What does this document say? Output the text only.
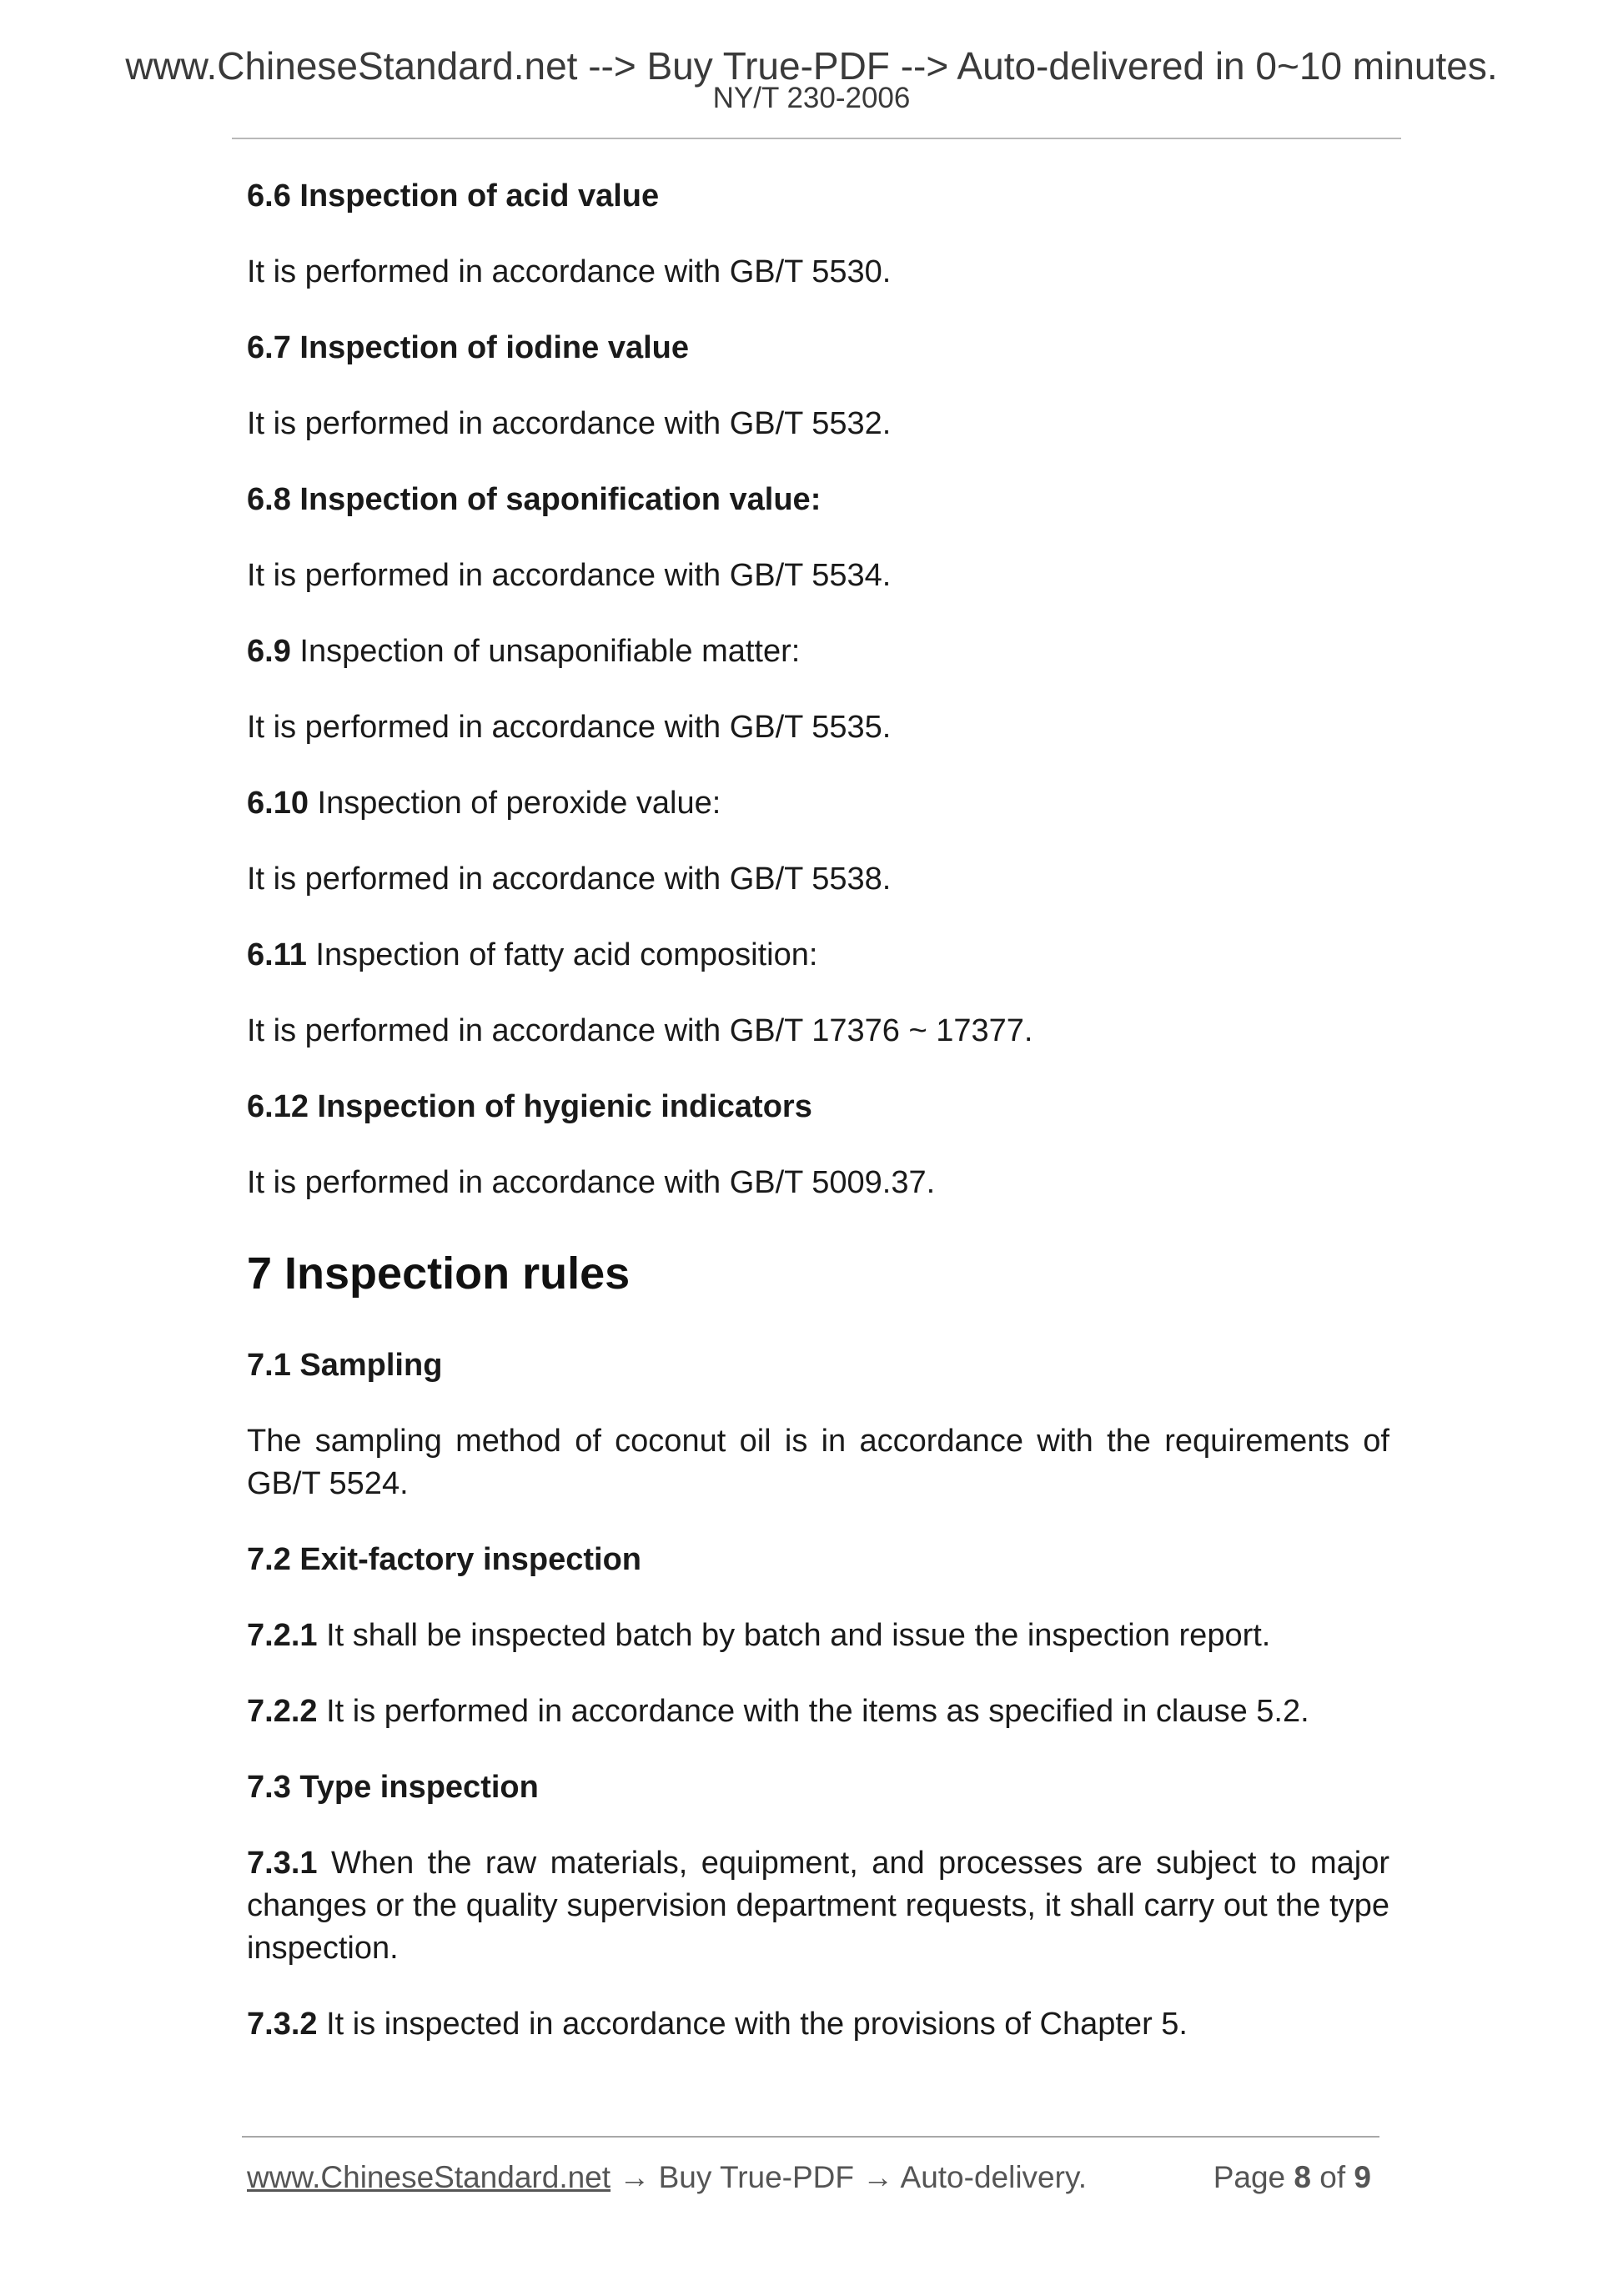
www.ChineseStandard.net --> Buy True-PDF --> Auto-delivered in 0~10 minutes.
NY/T 230-2006

6.6 Inspection of acid value

It is performed in accordance with GB/T 5530.

6.7 Inspection of iodine value

It is performed in accordance with GB/T 5532.

6.8 Inspection of saponification value:

It is performed in accordance with GB/T 5534.

6.9 Inspection of unsaponifiable matter:

It is performed in accordance with GB/T 5535.

6.10 Inspection of peroxide value:

It is performed in accordance with GB/T 5538.

6.11 Inspection of fatty acid composition:

It is performed in accordance with GB/T 17376 ~ 17377.

6.12 Inspection of hygienic indicators

It is performed in accordance with GB/T 5009.37.

7 Inspection rules

7.1 Sampling

The sampling method of coconut oil is in accordance with the requirements of GB/T 5524.

7.2 Exit-factory inspection

7.2.1 It shall be inspected batch by batch and issue the inspection report.

7.2.2 It is performed in accordance with the items as specified in clause 5.2.

7.3 Type inspection

7.3.1 When the raw materials, equipment, and processes are subject to major changes or the quality supervision department requests, it shall carry out the type inspection.

7.3.2 It is inspected in accordance with the provisions of Chapter 5.

www.ChineseStandard.net → Buy True-PDF → Auto-delivery.	Page 8 of 9
